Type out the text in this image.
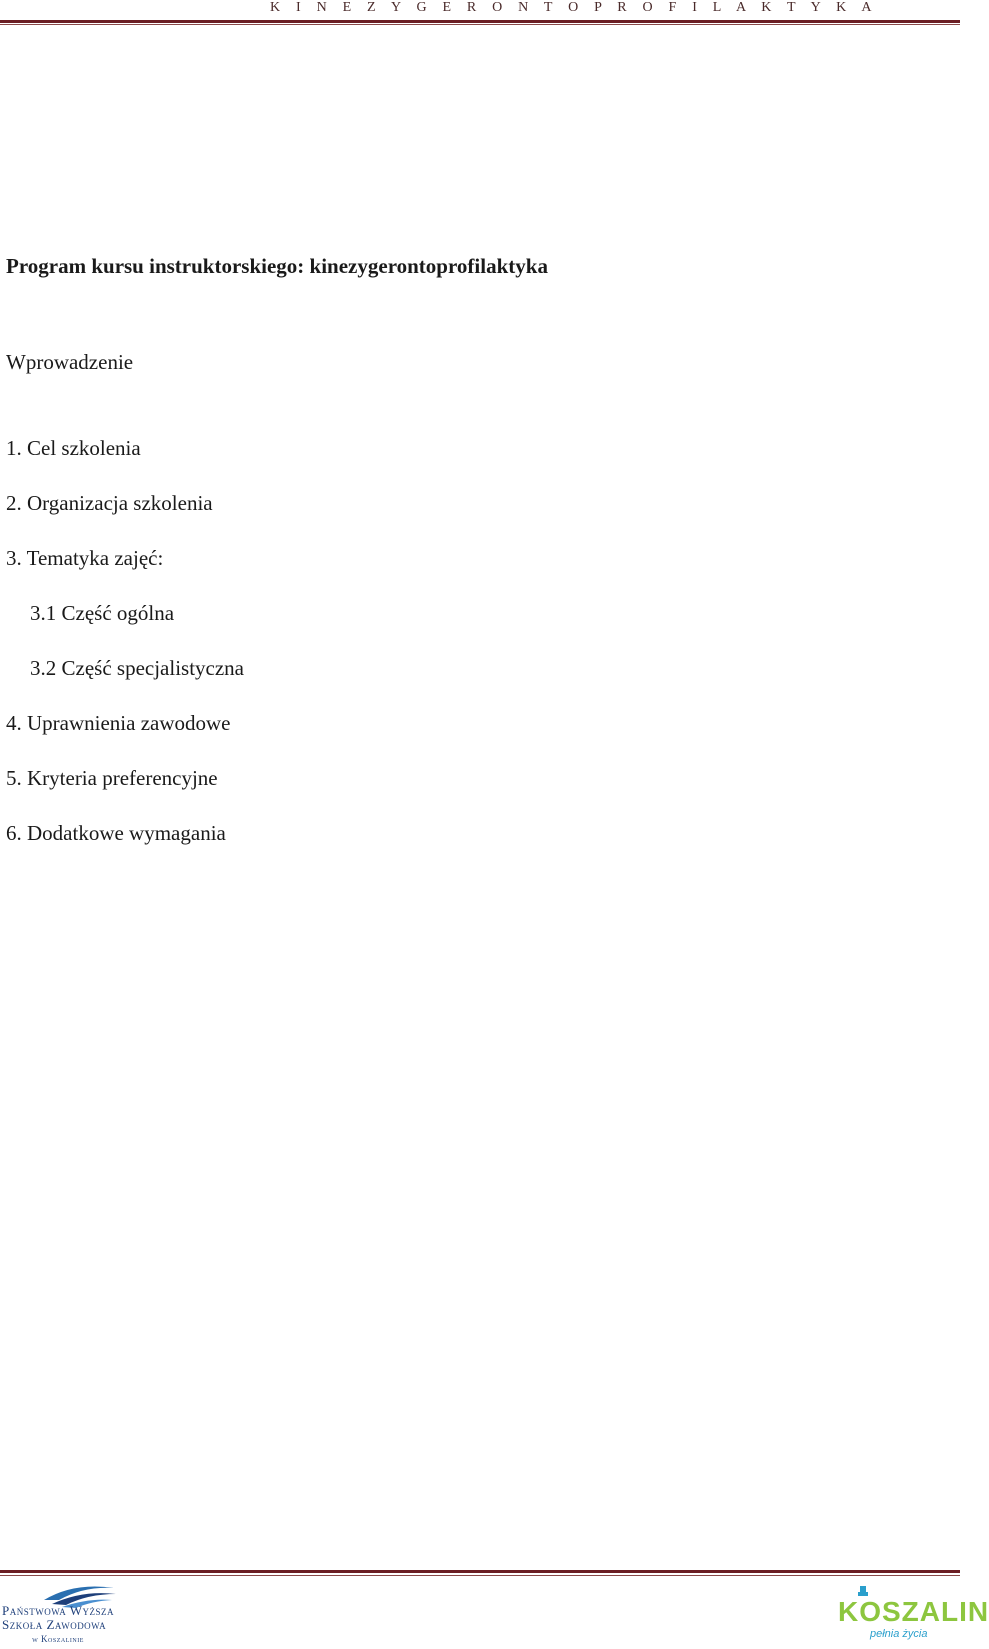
K I N E Z Y G E R O N T O P R O F I L A K T Y K A
Program kursu instruktorskiego: kinezygerontoprofilaktyka
Wprowadzenie
1. Cel szkolenia
2. Organizacja szkolenia
3. Tematyka zajęć:
3.1 Część ogólna
3.2 Część specjalistyczna
4. Uprawnienia zawodowe
5. Kryteria preferencyjne
6. Dodatkowe wymagania
Państwowa Wyższa
Szkoła Zawodowa
w Koszalinie
KOSZALIN
pełnia życia
